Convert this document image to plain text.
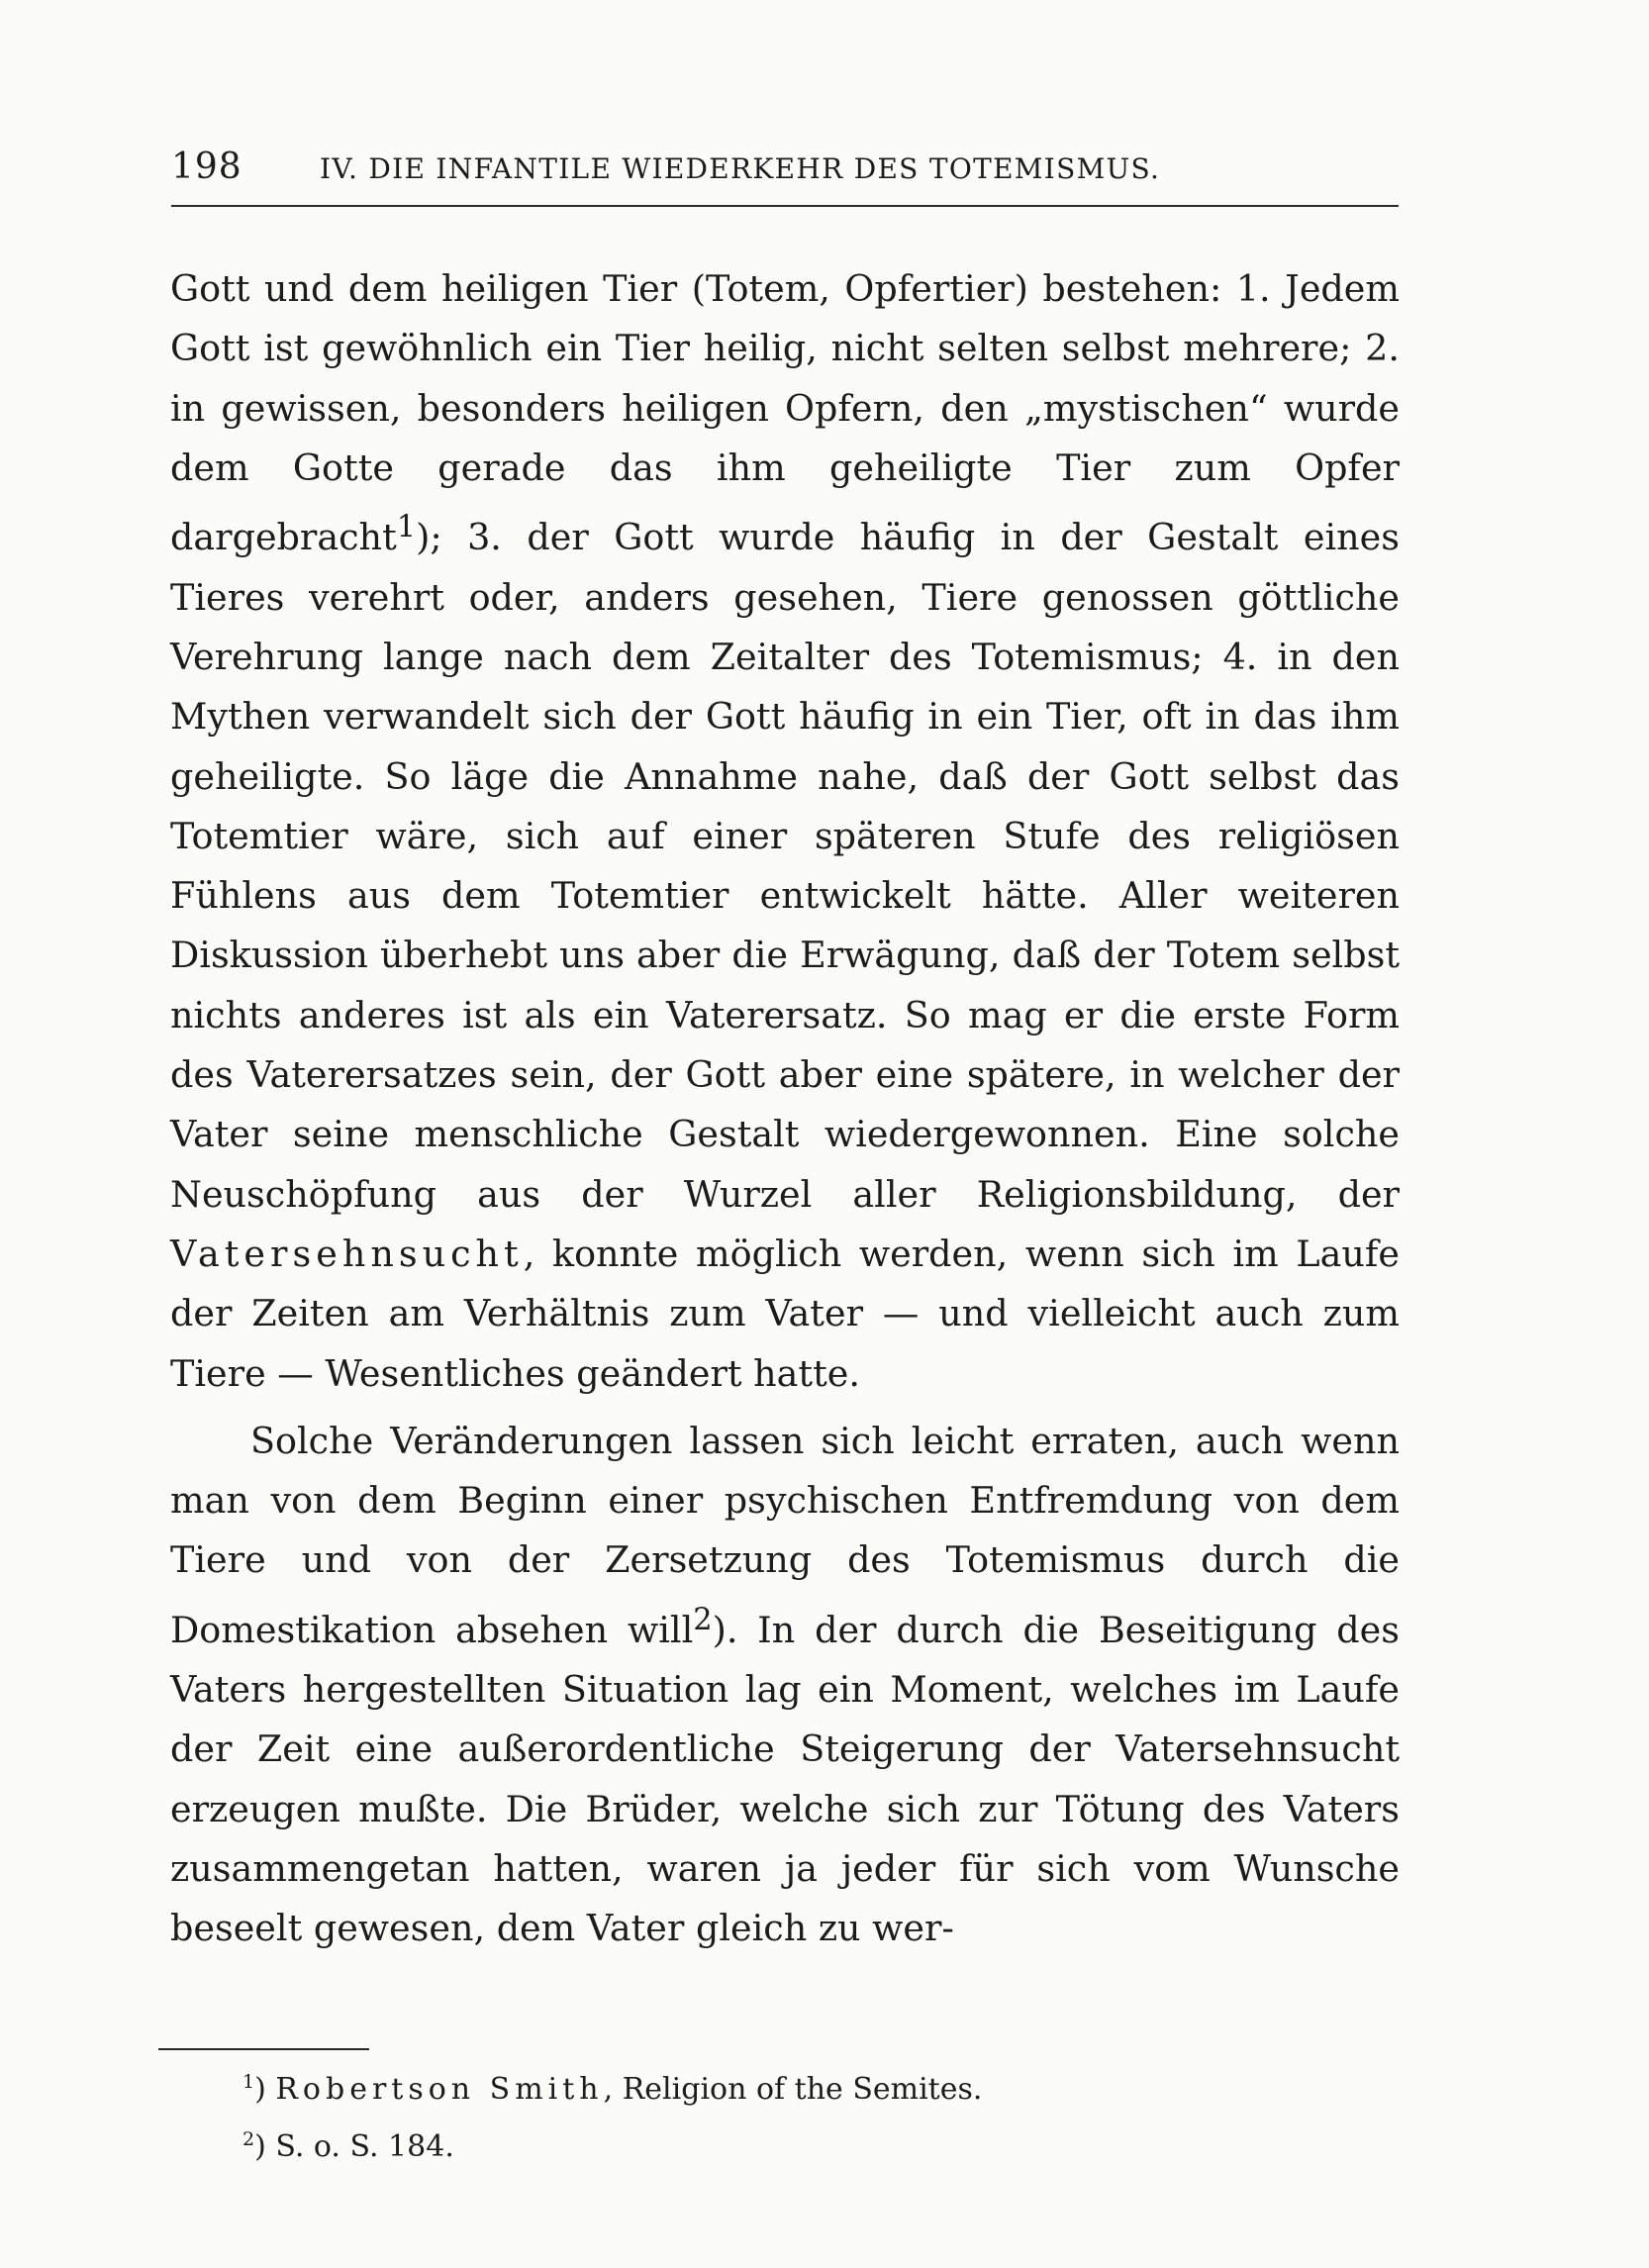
198	IV. DIE INFANTILE WIEDERKEHR DES TOTEMISMUS.

Gott und dem heiligen Tier (Totem, Opfertier) bestehen: 1. Jedem Gott ist gewöhnlich ein Tier heilig, nicht selten selbst mehrere; 2. in gewissen, besonders heiligen Opfern, den „mystischen“ wurde dem Gotte gerade das ihm geheiligte Tier zum Opfer dargebracht$^1$); 3. der Gott wurde häufig in der Gestalt eines Tieres verehrt oder, anders gesehen, Tiere genossen göttliche Verehrung lange nach dem Zeitalter des Totemismus; 4. in den Mythen verwandelt sich der Gott häufig in ein Tier, oft in das ihm geheiligte. So läge die Annahme nahe, daß der Gott selbst das Totemtier wäre, sich auf einer späteren Stufe des religiösen Fühlens aus dem Totemtier entwickelt hätte. Aller weiteren Diskussion überhebt uns aber die Erwägung, daß der Totem selbst nichts anderes ist als ein Vaterersatz. So mag er die erste Form des Vaterersatzes sein, der Gott aber eine spätere, in welcher der Vater seine menschliche Gestalt wiedergewonnen. Eine solche Neuschöpfung aus der Wurzel aller Religionsbildung, der Vatersehnsucht, konnte möglich werden, wenn sich im Laufe der Zeiten am Verhältnis zum Vater — und vielleicht auch zum Tiere — Wesentliches geändert hatte.

Solche Veränderungen lassen sich leicht erraten, auch wenn man von dem Beginn einer psychischen Entfremdung von dem Tiere und von der Zersetzung des Totemismus durch die Domestikation absehen will$^2$). In der durch die Beseitigung des Vaters hergestellten Situation lag ein Moment, welches im Laufe der Zeit eine außerordentliche Steigerung der Vatersehnsucht erzeugen mußte. Die Brüder, welche sich zur Tötung des Vaters zusammengetan hatten, waren ja jeder für sich vom Wunsche beseelt gewesen, dem Vater gleich zu wer-

$^1$) Robertson Smith, Religion of the Semites.
$^2$) S. o. S. 184.
